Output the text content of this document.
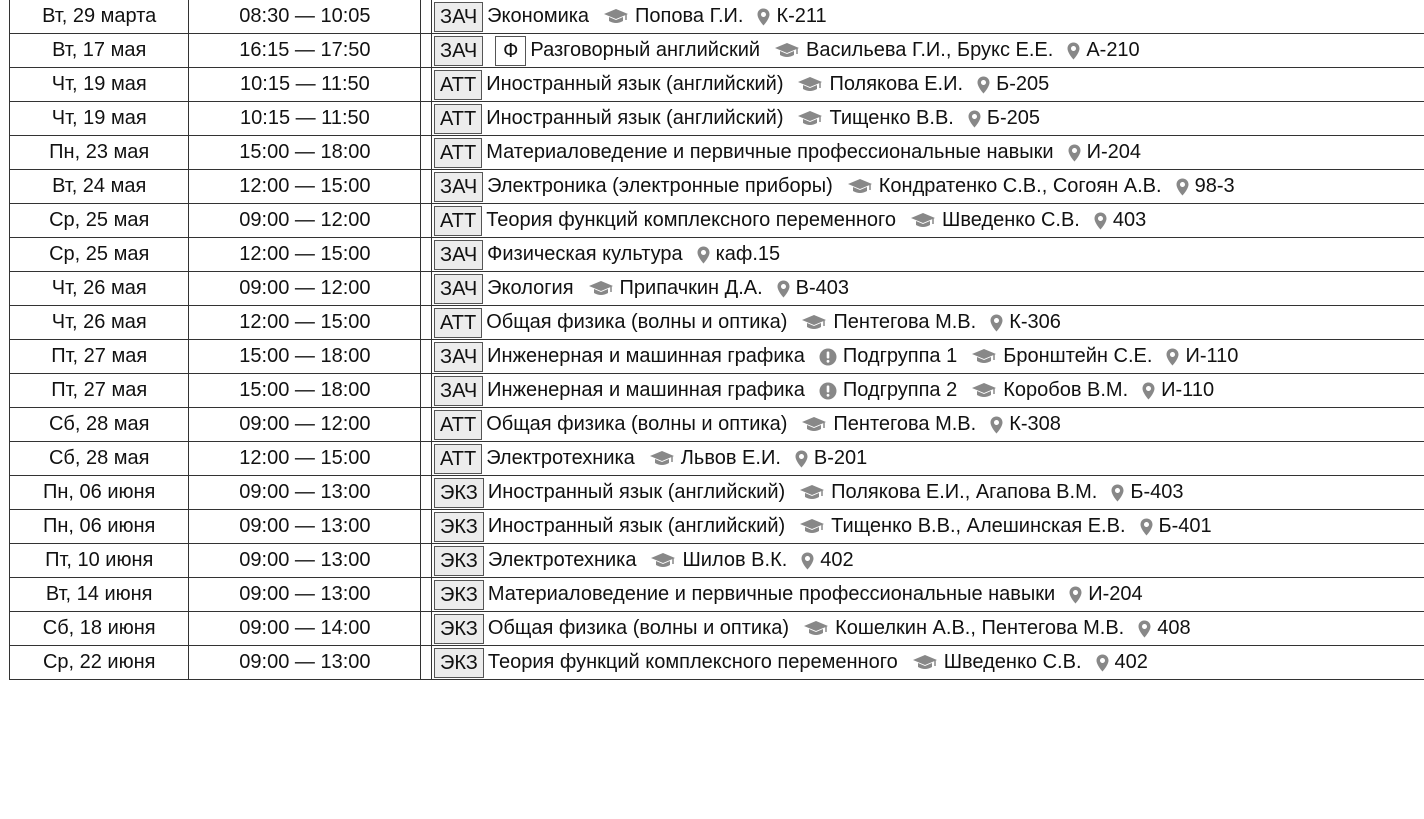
Вт, 29 марта	08:30 — 10:05		ЗАЧ Экономика Попова Г.И. К-211

Вт, 17 мая	16:15 — 17:50		ЗАЧ Ф Разговорный английский Васильева Г.И., Брукс Е.Е. А-210

Чт, 19 мая	10:15 — 11:50		АТТ Иностранный язык (английский) Полякова Е.И. Б-205

Чт, 19 мая	10:15 — 11:50		АТТ Иностранный язык (английский) Тищенко В.В. Б-205

Пн, 23 мая	15:00 — 18:00		АТТ Материаловедение и первичные профессиональные навыки И-204

Вт, 24 мая	12:00 — 15:00		ЗАЧ Электроника (электронные приборы) Кондратенко С.В., Согоян А.В. 98-3

Ср, 25 мая	09:00 — 12:00		АТТ Теория функций комплексного переменного Шведенко С.В. 403

Ср, 25 мая	12:00 — 15:00		ЗАЧ Физическая культура каф.15

Чт, 26 мая	09:00 — 12:00		ЗАЧ Экология Припачкин Д.А. В-403

Чт, 26 мая	12:00 — 15:00		АТТ Общая физика (волны и оптика) Пентегова М.В. К-306

Пт, 27 мая	15:00 — 18:00		ЗАЧ Инженерная и машинная графика Подгруппа 1 Бронштейн С.Е. И-110

Пт, 27 мая	15:00 — 18:00		ЗАЧ Инженерная и машинная графика Подгруппа 2 Коробов В.М. И-110

Сб, 28 мая	09:00 — 12:00		АТТ Общая физика (волны и оптика) Пентегова М.В. К-308

Сб, 28 мая	12:00 — 15:00		АТТ Электротехника Львов Е.И. В-201

Пн, 06 июня	09:00 — 13:00		ЭКЗ Иностранный язык (английский) Полякова Е.И., Агапова В.М. Б-403

Пн, 06 июня	09:00 — 13:00		ЭКЗ Иностранный язык (английский) Тищенко В.В., Алешинская Е.В. Б-401

Пт, 10 июня	09:00 — 13:00		ЭКЗ Электротехника Шилов В.К. 402

Вт, 14 июня	09:00 — 13:00		ЭКЗ Материаловедение и первичные профессиональные навыки И-204

Сб, 18 июня	09:00 — 14:00		ЭКЗ Общая физика (волны и оптика) Кошелкин А.В., Пентегова М.В. 408

Ср, 22 июня	09:00 — 13:00		ЭКЗ Теория функций комплексного переменного Шведенко С.В. 402
